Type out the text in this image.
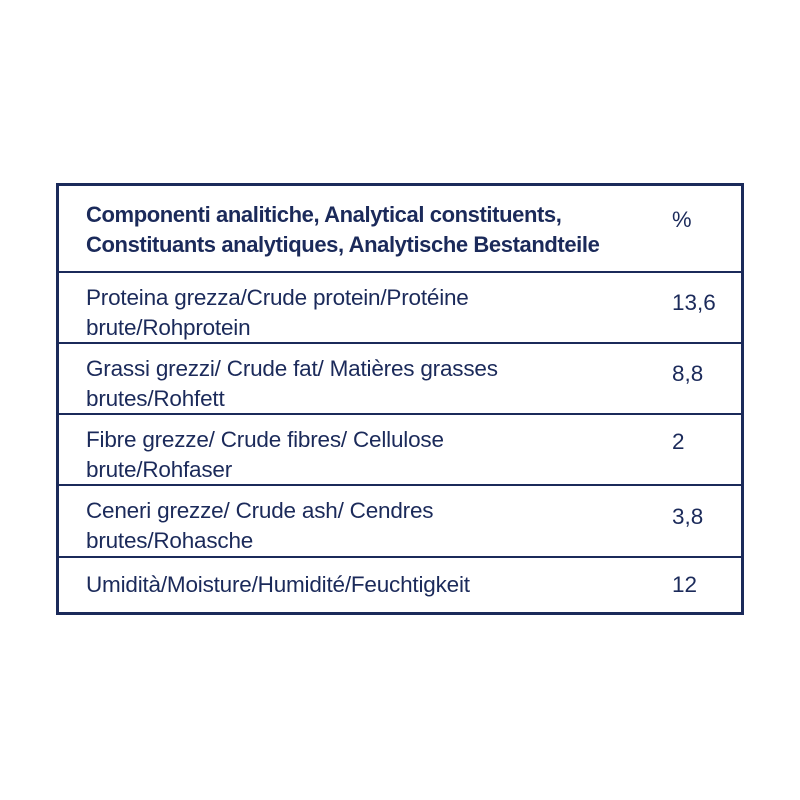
Componenti analitiche, Analytical constituents,
Constituants analytiques, Analytische Bestandteile
%
Proteina grezza/Crude protein/Protéine
brute/Rohprotein
13,6
Grassi grezzi/ Crude fat/ Matières grasses
brutes/Rohfett
8,8
Fibre grezze/ Crude fibres/ Cellulose
brute/Rohfaser
2
Ceneri grezze/ Crude ash/ Cendres
brutes/Rohasche
3,8
Umidità/Moisture/Humidité/Feuchtigkeit	12
